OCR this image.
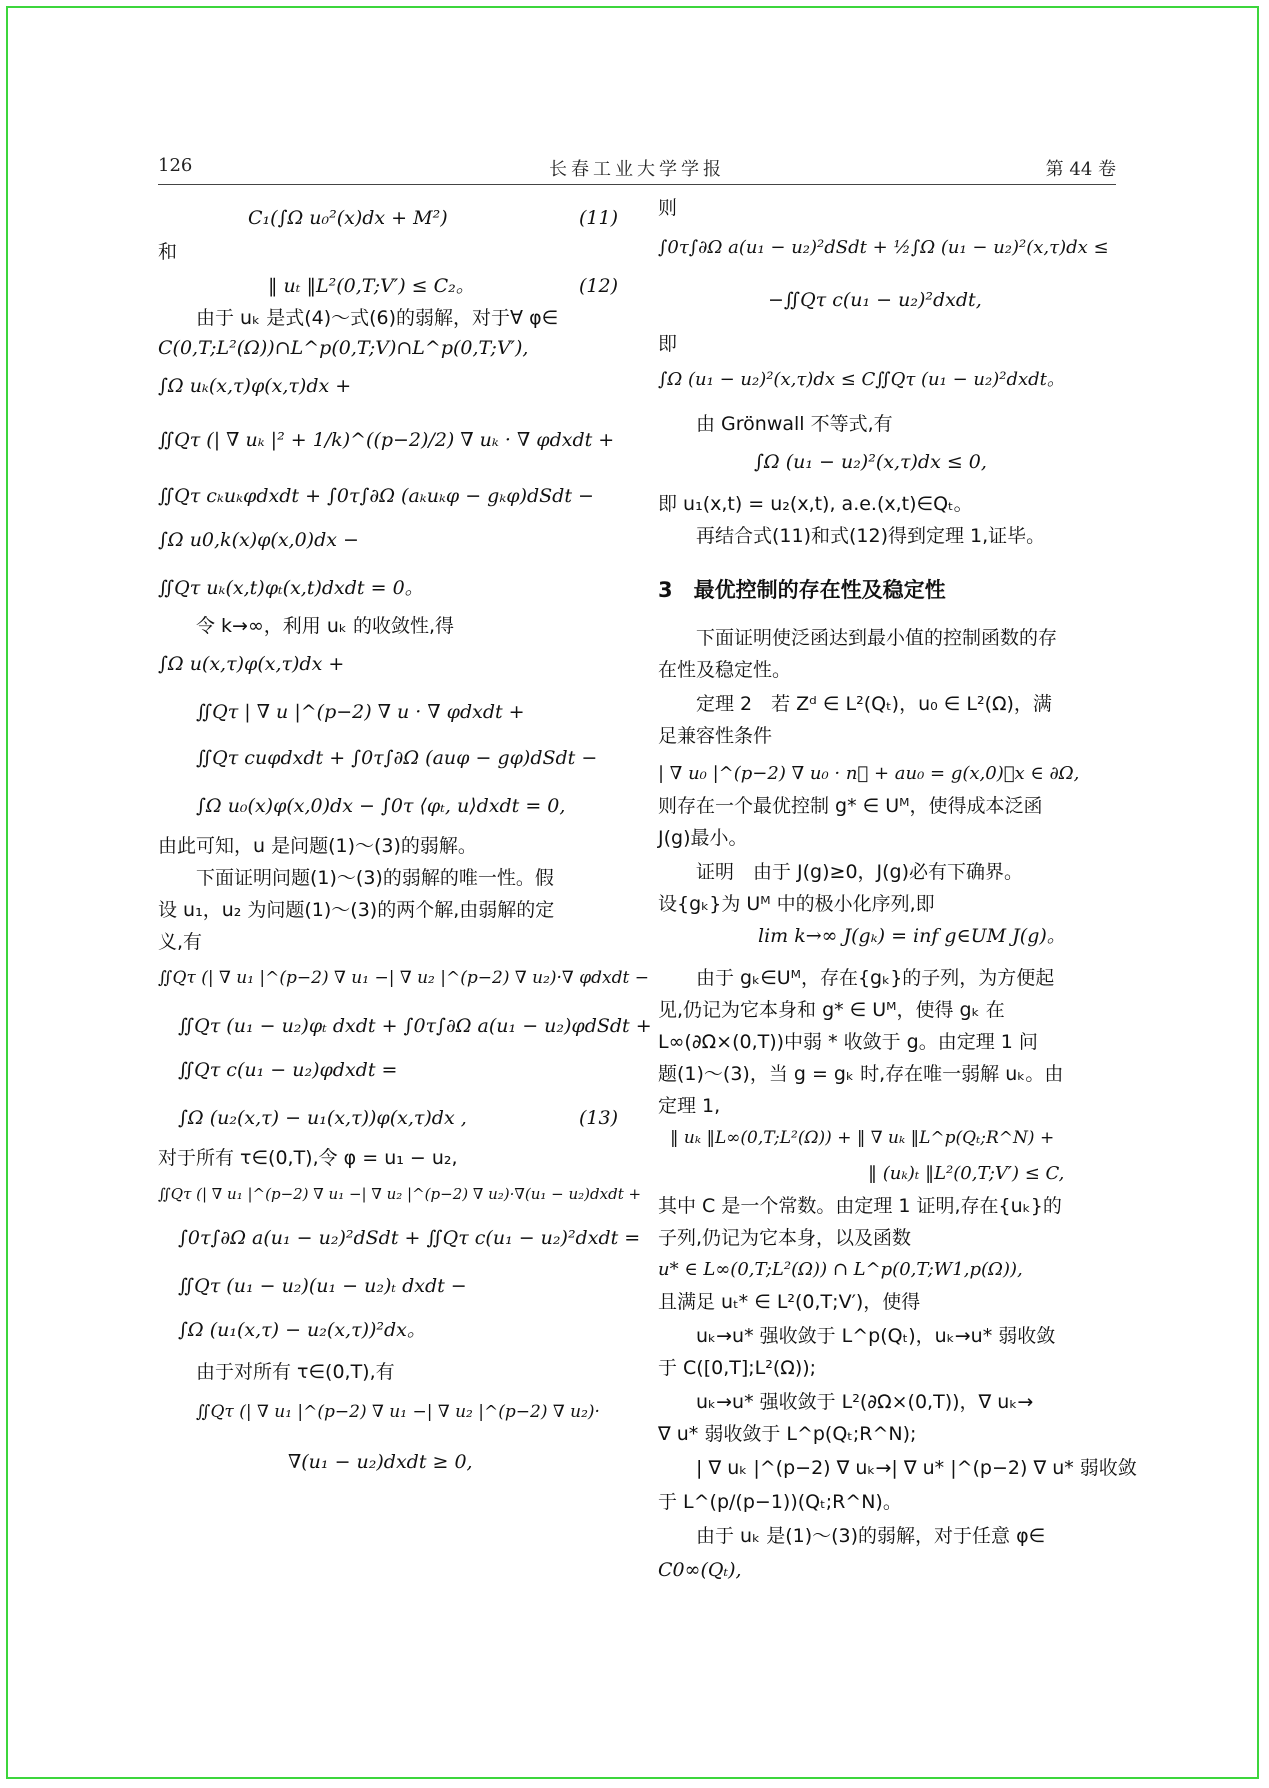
126	长春工业大学学报	第 44 卷
C₁(∫Ω u₀²(x)dx + M²)	(11)
和
‖ uₜ ‖L²(0,T;V′) ≤ C₂。	(12)
由于 uₖ 是式(4)～式(6)的弱解，对于∀ φ∈
C(0,T;L²(Ω))∩L^p(0,T;V)∩L^p(0,T;V′),
∫Ω uₖ(x,τ)φ(x,τ)dx +
∬Qτ (| ∇ uₖ |² + 1/k)^((p−2)/2) ∇ uₖ · ∇ φdxdt +
∬Qτ cₖuₖφdxdt + ∫0τ∫∂Ω (aₖuₖφ − gₖφ)dSdt −
∫Ω u0,k(x)φ(x,0)dx −
∬Qτ uₖ(x,t)φₜ(x,t)dxdt = 0。
令 k→∞，利用 uₖ 的收敛性,得
∫Ω u(x,τ)φ(x,τ)dx +
∬Qτ | ∇ u |^(p−2) ∇ u · ∇ φdxdt +
∬Qτ cuφdxdt + ∫0τ∫∂Ω (auφ − gφ)dSdt −
∫Ω u₀(x)φ(x,0)dx − ∫0τ ⟨φₜ, u⟩dxdt = 0,
由此可知，u 是问题(1)～(3)的弱解。
下面证明问题(1)～(3)的弱解的唯一性。假
设 u₁，u₂ 为问题(1)～(3)的两个解,由弱解的定
义,有
∬Qτ (| ∇ u₁ |^(p−2) ∇ u₁ −| ∇ u₂ |^(p−2) ∇ u₂)·∇ φdxdt −
∬Qτ (u₁ − u₂)φₜ dxdt + ∫0τ∫∂Ω a(u₁ − u₂)φdSdt +
∬Qτ c(u₁ − u₂)φdxdt =
∫Ω (u₂(x,τ) − u₁(x,τ))φ(x,τ)dx ,	(13)
对于所有 τ∈(0,T),令 φ = u₁ − u₂,
∬Qτ (| ∇ u₁ |^(p−2) ∇ u₁ −| ∇ u₂ |^(p−2) ∇ u₂)·∇(u₁ − u₂)dxdt +
∫0τ∫∂Ω a(u₁ − u₂)²dSdt + ∬Qτ c(u₁ − u₂)²dxdt =
∬Qτ (u₁ − u₂)(u₁ − u₂)ₜ dxdt −
∫Ω (u₁(x,τ) − u₂(x,τ))²dx。
由于对所有 τ∈(0,T),有
∬Qτ (| ∇ u₁ |^(p−2) ∇ u₁ −| ∇ u₂ |^(p−2) ∇ u₂)·
∇(u₁ − u₂)dxdt ≥ 0,
则
∫0τ∫∂Ω a(u₁ − u₂)²dSdt + ½∫Ω (u₁ − u₂)²(x,τ)dx ≤
−∬Qτ c(u₁ − u₂)²dxdt,
即
∫Ω (u₁ − u₂)²(x,τ)dx ≤ C∬Qτ (u₁ − u₂)²dxdt。
由 Grönwall 不等式,有
∫Ω (u₁ − u₂)²(x,τ)dx ≤ 0,
即 u₁(x,t) = u₂(x,t), a.e.(x,t)∈Qₜ。
再结合式(11)和式(12)得到定理 1,证毕。
3　最优控制的存在性及稳定性
下面证明使泛函达到最小值的控制函数的存
在性及稳定性。
定理 2　若 Zᵈ ∈ L²(Qₜ)，u₀ ∈ L²(Ω)，满
足兼容性条件
| ∇ u₀ |^(p−2) ∇ u₀ · n⃗ + au₀ = g(x,0)，x ∈ ∂Ω,
则存在一个最优控制 g* ∈ Uᴹ，使得成本泛函
J(g)最小。
证明　由于 J(g)≥0，J(g)必有下确界。
设{gₖ}为 Uᴹ 中的极小化序列,即
lim k→∞ J(gₖ) = inf g∈UM J(g)。
由于 gₖ∈Uᴹ，存在{gₖ}的子列，为方便起
见,仍记为它本身和 g* ∈ Uᴹ，使得 gₖ 在
L∞(∂Ω×(0,T))中弱 * 收敛于 g。由定理 1 问
题(1)～(3)，当 g = gₖ 时,存在唯一弱解 uₖ。由
定理 1,
‖ uₖ ‖L∞(0,T;L²(Ω)) + ‖ ∇ uₖ ‖L^p(Qₜ;R^N) +
‖ (uₖ)ₜ ‖L²(0,T;V′) ≤ C,
其中 C 是一个常数。由定理 1 证明,存在{uₖ}的
子列,仍记为它本身，以及函数
u* ∈ L∞(0,T;L²(Ω)) ∩ L^p(0,T;W1,p(Ω)),
且满足 uₜ* ∈ L²(0,T;V′)，使得
uₖ→u* 强收敛于 L^p(Qₜ)，uₖ→u* 弱收敛
于 C([0,T];L²(Ω));
uₖ→u* 强收敛于 L²(∂Ω×(0,T))，∇ uₖ→
∇ u* 弱收敛于 L^p(Qₜ;R^N);
| ∇ uₖ |^(p−2) ∇ uₖ→| ∇ u* |^(p−2) ∇ u* 弱收敛
于 L^(p/(p−1))(Qₜ;R^N)。
由于 uₖ 是(1)～(3)的弱解，对于任意 φ∈
C0∞(Qₜ),
